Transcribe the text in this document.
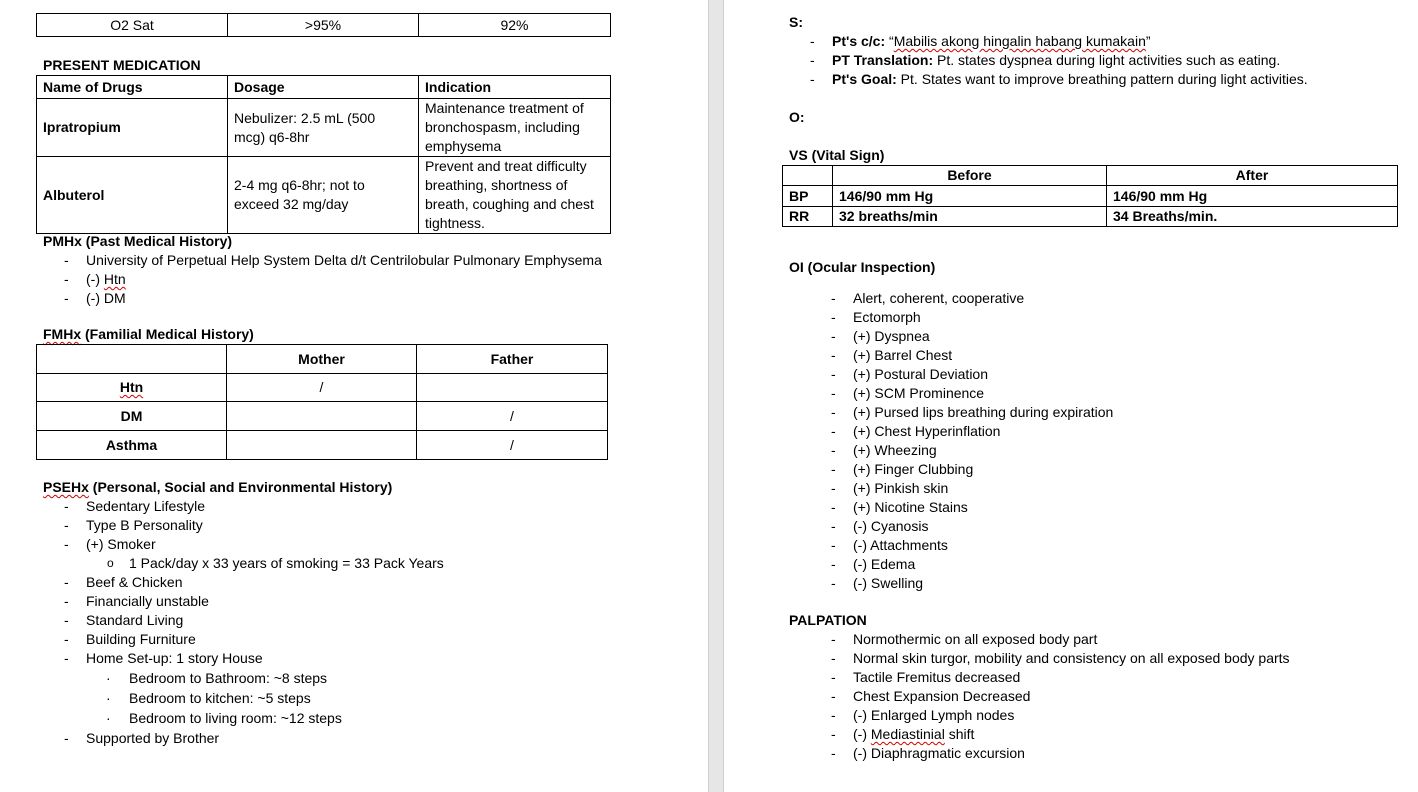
O2 Sat	>95%	92%
PRESENT MEDICATION
Name of Drugs	Dosage	Indication
Ipratropium	Nebulizer: 2.5 mL (500 mcg) q6-8hr	Maintenance treatment of bronchospasm, including emphysema
Albuterol	2-4 mg q6-8hr; not to exceed 32 mg/day	Prevent and treat difficulty breathing, shortness of breath, coughing and chest tightness.
PMHx (Past Medical History)
- University of Perpetual Help System Delta d/t Centrilobular Pulmonary Emphysema
- (-) Htn
- (-) DM
FMHx (Familial Medical History)
	Mother	Father
Htn	/	
DM		/
Asthma		/
PSEHx (Personal, Social and Environmental History)
- Sedentary Lifestyle
- Type B Personality
- (+) Smoker
o 1 Pack/day x 33 years of smoking = 33 Pack Years
- Beef & Chicken
- Financially unstable
- Standard Living
- Building Furniture
- Home Set-up: 1 story House
· Bedroom to Bathroom: ~8 steps
· Bedroom to kitchen: ~5 steps
· Bedroom to living room: ~12 steps
- Supported by Brother
S:
- Pt's c/c: “Mabilis akong hingalin habang kumakain”
- PT Translation: Pt. states dyspnea during light activities such as eating.
- Pt's Goal: Pt. States want to improve breathing pattern during light activities.
O:
VS (Vital Sign)
	Before	After
BP	146/90 mm Hg	146/90 mm Hg
RR	32 breaths/min	34 Breaths/min.
OI (Ocular Inspection)
- Alert, coherent, cooperative
- Ectomorph
- (+) Dyspnea
- (+) Barrel Chest
- (+) Postural Deviation
- (+) SCM Prominence
- (+) Pursed lips breathing during expiration
- (+) Chest Hyperinflation
- (+) Wheezing
- (+) Finger Clubbing
- (+) Pinkish skin
- (+) Nicotine Stains
- (-) Cyanosis
- (-) Attachments
- (-) Edema
- (-) Swelling
PALPATION
- Normothermic on all exposed body part
- Normal skin turgor, mobility and consistency on all exposed body parts
- Tactile Fremitus decreased
- Chest Expansion Decreased
- (-) Enlarged Lymph nodes
- (-) Mediastinial shift
- (-) Diaphragmatic excursion
